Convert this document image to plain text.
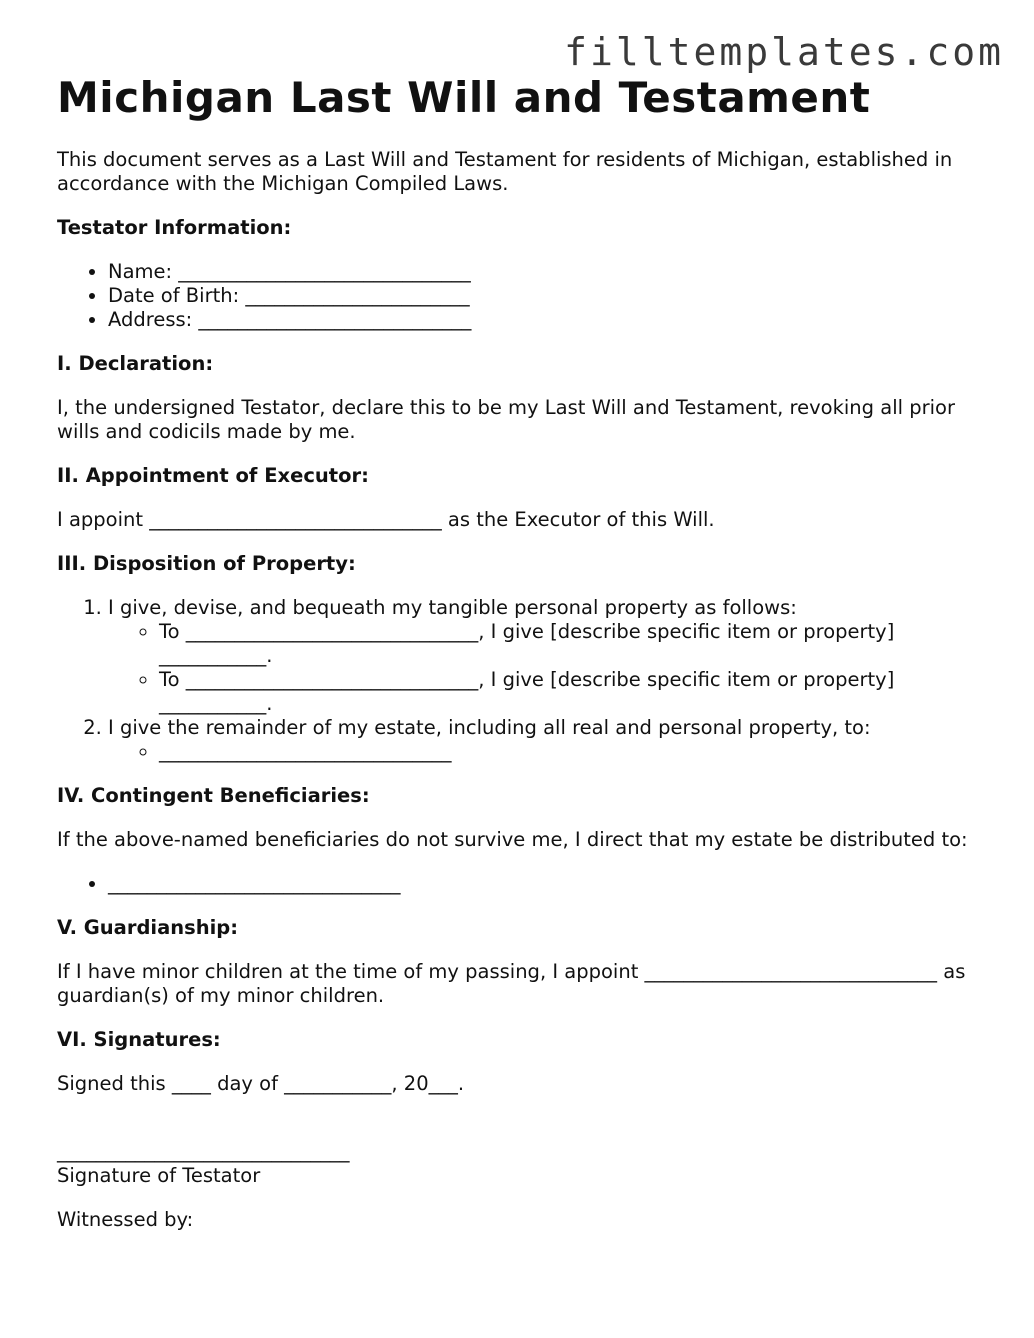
filltemplates.com
Michigan Last Will and Testament

This document serves as a Last Will and Testament for residents of Michigan, established in accordance with the Michigan Compiled Laws.

Testator Information:

• Name: ______________________________
• Date of Birth: _______________________
• Address: ____________________________

I. Declaration:

I, the undersigned Testator, declare this to be my Last Will and Testament, revoking all prior wills and codicils made by me.

II. Appointment of Executor:

I appoint ______________________________ as the Executor of this Will.

III. Disposition of Property:

1. I give, devise, and bequeath my tangible personal property as follows:
◦ To ______________________________, I give [describe specific item or property] ___________.
◦ To ______________________________, I give [describe specific item or property] ___________.
2. I give the remainder of my estate, including all real and personal property, to:
◦ ______________________________

IV. Contingent Beneficiaries:

If the above-named beneficiaries do not survive me, I direct that my estate be distributed to:

• ______________________________

V. Guardianship:

If I have minor children at the time of my passing, I appoint ______________________________ as guardian(s) of my minor children.

VI. Signatures:

Signed this ____ day of ___________, 20___.

______________________________

Signature of Testator

Witnessed by:
